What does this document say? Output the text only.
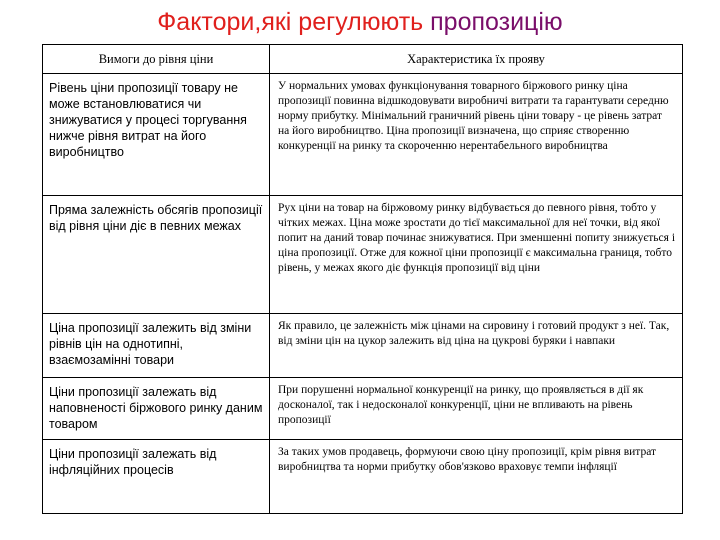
Фактори,які регулюють пропозицію
Вимоги до рівня ціни	Характеристика їх прояву
Рівень ціни пропозиції товару не може встановлюватися чи знижуватися у процесі торгування нижче рівня витрат на його виробництво	У нормальних умовах функціонування товарного біржового ринку ціна пропозиції повинна відшкодовувати виробничі витрати та гарантувати середню норму прибутку. Мінімальний граничний рівень ціни товару - це рівень затрат на його виробництво. Ціна пропозиції визначена, що сприяє створенню конкуренції на ринку та скороченню нерентабельного виробництва
Пряма залежність обсягів пропозиції від рівня ціни діє в певних межах	Рух ціни на товар на біржовому ринку відбувається до певного рівня, тобто у чітких межах. Ціна може зростати до тієї максимальної для неї точки, від якої попит на даний товар починає знижуватися. При зменшенні попиту знижується і ціна пропозиції. Отже для кожної ціни пропозиції є максимальна границя, тобто рівень, у межах якого діє функція пропозиції від ціни
Ціна пропозиції залежить від зміни рівнів цін на однотипні, взаємозамінні товари	Як правило, це залежність між цінами на сировину і готовий продукт з неї. Так, від зміни цін на цукор залежить від ціна на цукрові буряки і навпаки
Ціни пропозиції залежать від наповненості біржового ринку даним товаром	При порушенні нормальної конкуренції на ринку, що проявляється в дії як досконалої, так і недосконалої конкуренції, ціни не впливають на рівень пропозиції
Ціни пропозиції залежать від інфляційних процесів	За таких умов продавець, формуючи свою ціну пропозиції, крім рівня витрат виробництва та норми прибутку обов'язково враховує темпи інфляції
